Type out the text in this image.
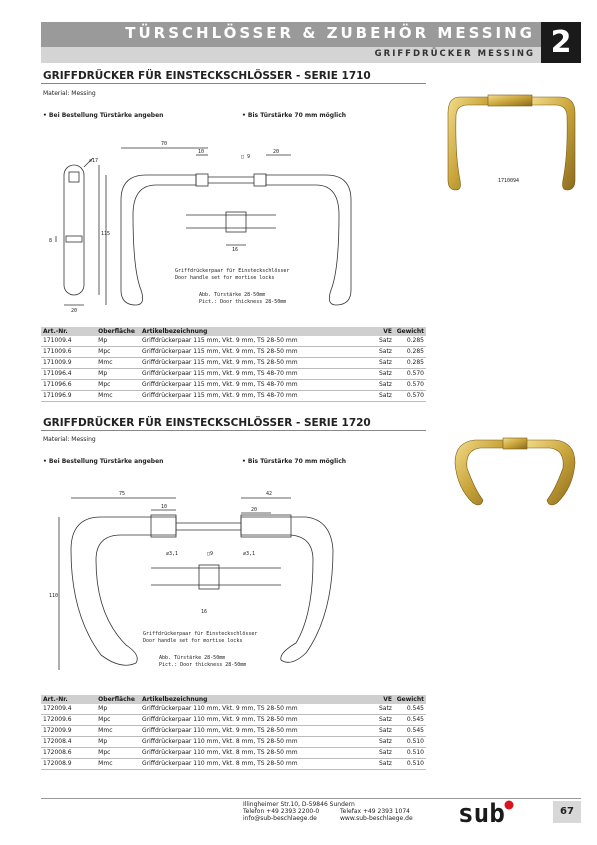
TÜRSCHLÖSSER & ZUBEHÖR MESSING
GRIFFDRÜCKER MESSING 2
GRIFFDRÜCKER FÜR EINSTECKSCHLÖSSER - SERIE 1710
Material: Messing
• Bei Bestellung Türstärke angeben	• Bis Türstärke 70 mm möglich
70
10
□ 9
20
⌀17
115
8
20
16
Griffdrückerpaar für Einsteckschlösser
Door handle set for mortise locks
Abb. Türstärke 28-50mm
Pict.: Door thickness 28-50mm
1710094
Art.-Nr.	Oberfläche	Artikelbezeichnung	VE	Gewicht
171009.4	Mp	Griffdrückerpaar 115 mm, Vkt. 9 mm, TS 28-50 mm	Satz	0.285
171009.6	Mpc	Griffdrückerpaar 115 mm, Vkt. 9 mm, TS 28-50 mm	Satz	0.285
171009.9	Mmc	Griffdrückerpaar 115 mm, Vkt. 9 mm, TS 28-50 mm	Satz	0.285
171096.4	Mp	Griffdrückerpaar 115 mm, Vkt. 9 mm, TS 48-70 mm	Satz	0.570
171096.6	Mpc	Griffdrückerpaar 115 mm, Vkt. 9 mm, TS 48-70 mm	Satz	0.570
171096.9	Mmc	Griffdrückerpaar 115 mm, Vkt. 9 mm, TS 48-70 mm	Satz	0.570
GRIFFDRÜCKER FÜR EINSTECKSCHLÖSSER - SERIE 1720
Material: Messing
• Bei Bestellung Türstärke angeben	• Bis Türstärke 70 mm möglich
75	42
10	20
⌀3,1	□9	⌀3,1
110
16
Griffdrückerpaar für Einsteckschlösser
Door handle set for mortise locks
Abb. Türstärke 28-50mm
Pict.: Door thickness 28-50mm
Art.-Nr.	Oberfläche	Artikelbezeichnung	VE	Gewicht
172009.4	Mp	Griffdrückerpaar 110 mm, Vkt. 9 mm, TS 28-50 mm	Satz	0.545
172009.6	Mpc	Griffdrückerpaar 110 mm, Vkt. 9 mm, TS 28-50 mm	Satz	0.545
172009.9	Mmc	Griffdrückerpaar 110 mm, Vkt. 9 mm, TS 28-50 mm	Satz	0.545
172008.4	Mp	Griffdrückerpaar 110 mm, Vkt. 8 mm, TS 28-50 mm	Satz	0.510
172008.6	Mpc	Griffdrückerpaar 110 mm, Vkt. 8 mm, TS 28-50 mm	Satz	0.510
172008.9	Mmc	Griffdrückerpaar 110 mm, Vkt. 8 mm, TS 28-50 mm	Satz	0.510
Illingheimer Str.10, D-59846 Sundern
Telefon +49 2393 2200-0	Telefax +49 2393 1074
info@sub-beschlaege.de	www.sub-beschlaege.de sub	67
